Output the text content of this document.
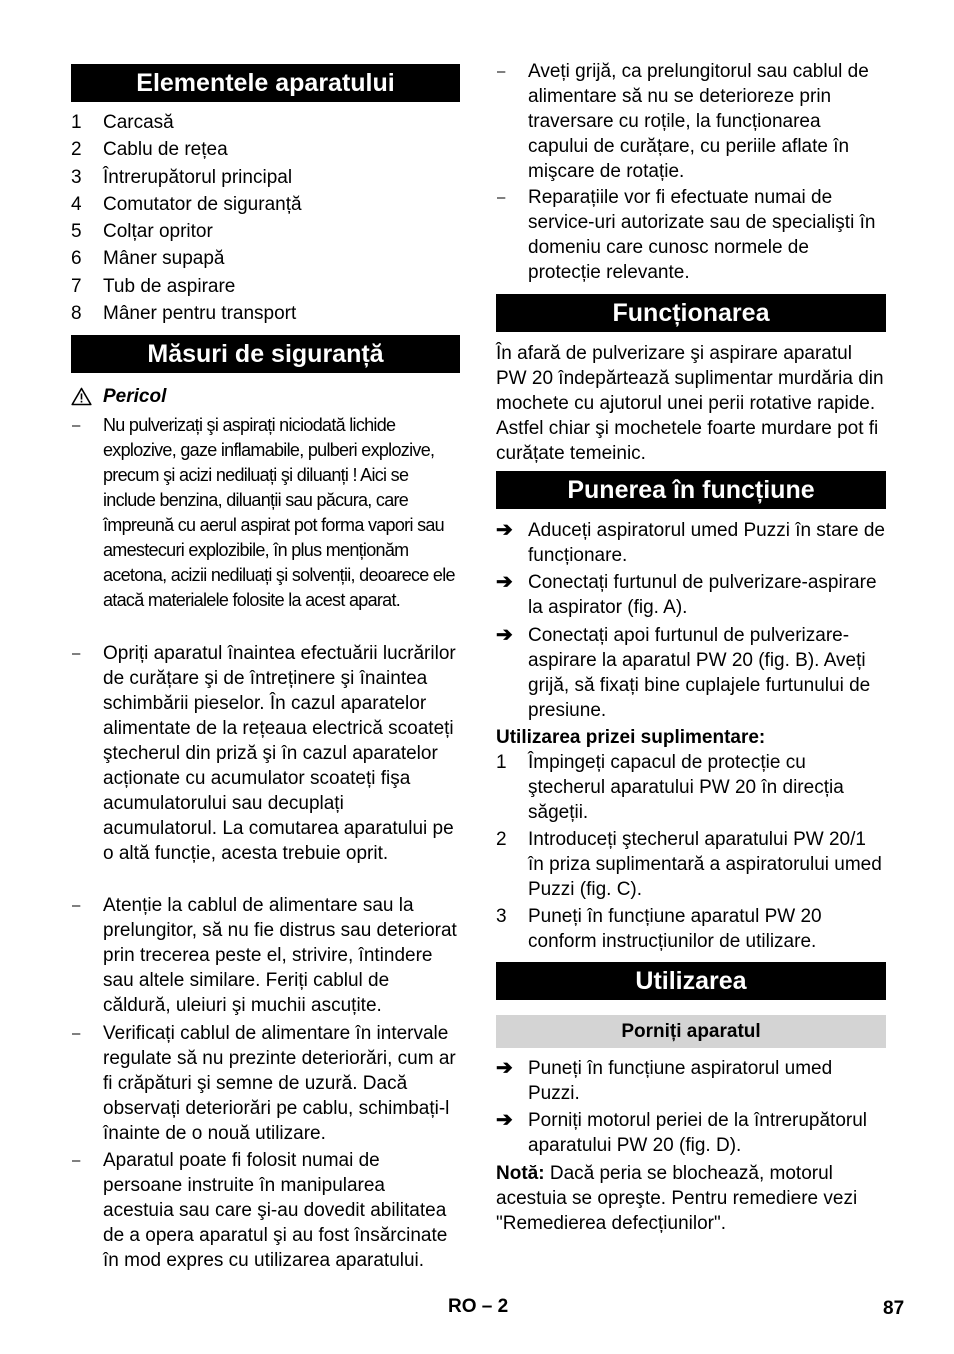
Elementele aparatului
1 Carcasă
2 Cablu de rețea
3 Întrerupătorul principal
4 Comutator de siguranță
5 Colțar opritor
6 Mâner supapă
7 Tub de aspirare
8 Mâner pentru transport
Măsuri de siguranță
Pericol
–	Nu pulverizați şi aspirați niciodată lichide explozive, gaze inflamabile, pulberi explozive, precum şi acizi nediluați şi diluanți ! Aici se include benzina, diluanții sau păcura, care împreună cu aerul aspirat pot forma vapori sau amestecuri explozibile, în plus menționăm acetona, acizii nediluați şi solvenții, deoarece ele atacă materialele folosite la acest aparat.
–	Opriți aparatul înaintea efectuării lucrărilor de curățare şi de întreținere şi înaintea schimbării pieselor. În cazul aparatelor alimentate de la rețeaua electrică scoateți ştecherul din priză şi în cazul aparatelor acționate cu acumulator scoateți fişa acumulatorului sau decuplați acumulatorul. La comutarea aparatului pe o altă funcție, acesta trebuie oprit.
–	Atenție la cablul de alimentare sau la prelungitor, să nu fie distrus sau deteriorat prin trecerea peste el, strivire, întindere sau altele similare. Feriți cablul de căldură, uleiuri şi muchii ascuțite.
–	Verificați cablul de alimentare în intervale regulate să nu prezinte deteriorări, cum ar fi crăpături şi semne de uzură. Dacă observați deteriorări pe cablu, schimbați-l înainte de o nouă utilizare.
–	Aparatul poate fi folosit numai de persoane instruite în manipularea acestuia sau care şi-au dovedit abilitatea de a opera aparatul şi au fost însărcinate în mod expres cu utilizarea aparatului.
–	Aveți grijă, ca prelungitorul sau cablul de alimentare să nu se deterioreze prin traversare cu roțile, la funcționarea capului de curățare, cu periile aflate în mişcare de rotație.
–	Reparațiile vor fi efectuate numai de service-uri autorizate sau de specialişti în domeniu care cunosc normele de protecție relevante.
Funcționarea
În afară de pulverizare şi aspirare aparatul PW 20 îndepărtează suplimentar murdăria din mochete cu ajutorul unei perii rotative rapide. Astfel chiar şi mochetele foarte murdare pot fi curățate temeinic.
Punerea în funcțiune
➔ Aduceți aspiratorul umed Puzzi în stare de funcționare.
➔ Conectați furtunul de pulverizare-aspirare la aspirator (fig. A).
➔ Conectați apoi furtunul de pulverizare-aspirare la aparatul PW 20 (fig. B). Aveți grijă, să fixați bine cuplajele furtunului de presiune.
Utilizarea prizei suplimentare:
1	Împingeți capacul de protecție cu ştecherul aparatului PW 20 în direcția săgeții.
2	Introduceți ştecherul aparatului PW 20/1 în priza suplimentară a aspiratorului umed Puzzi (fig. C).
3	Puneți în funcțiune aparatul PW 20 conform instrucțiunilor de utilizare.
Utilizarea
Porniți aparatul
➔ Puneți în funcțiune aspiratorul umed Puzzi.
➔ Porniți motorul periei de la întrerupătorul aparatului PW 20 (fig. D).
Notă: Dacă peria se blochează, motorul acestuia se opreşte. Pentru remediere vezi "Remedierea defecțiunilor".
RO – 2	87
